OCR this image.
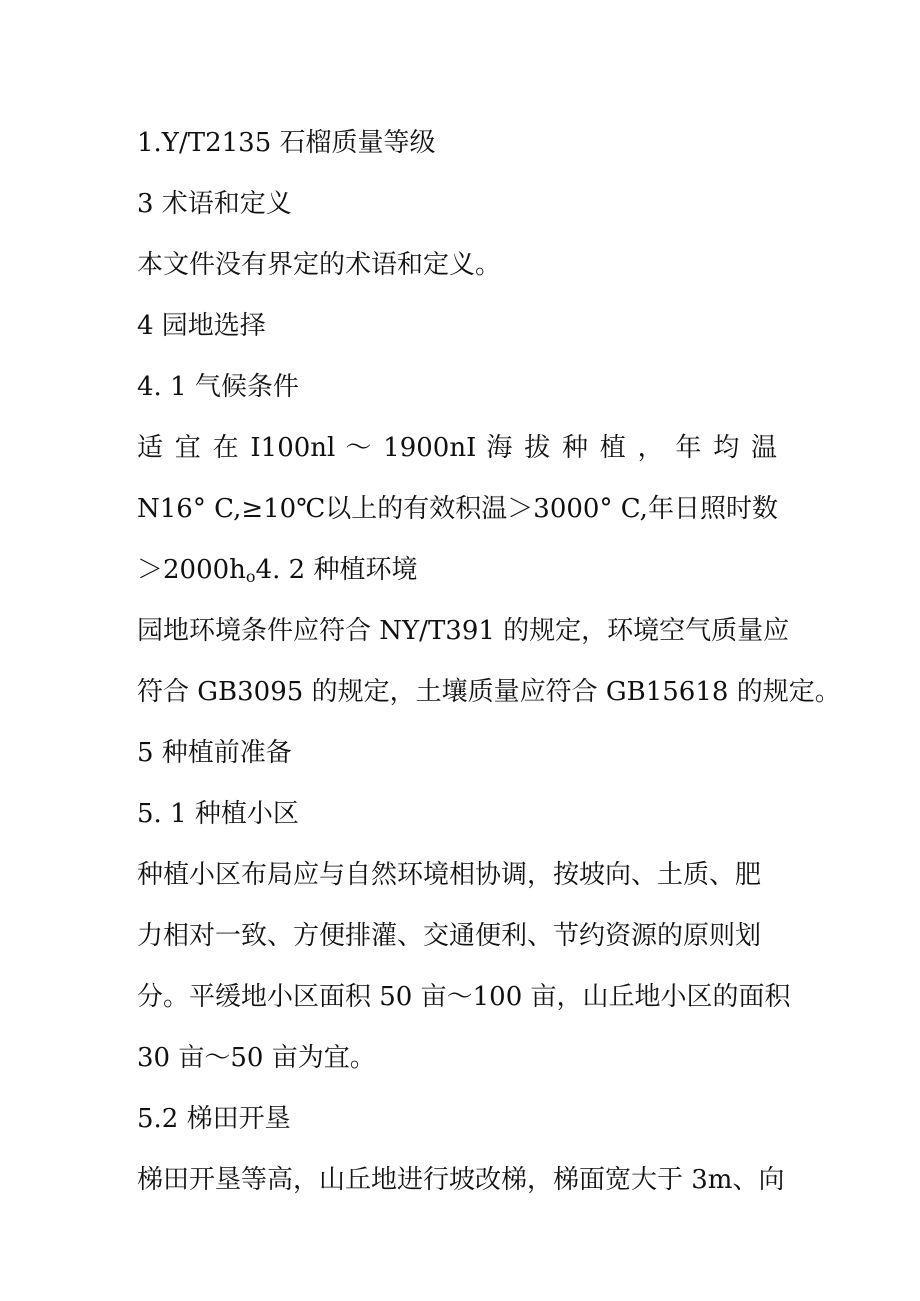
1.Y/T2135 石榴质量等级

3 术语和定义

本文件没有界定的术语和定义。

4 园地选择

4. 1 气候条件

适 宜 在 I100nl ～ 1900nI 海 拔 种 植 ， 年 均 温

N16° C,≥10℃以上的有效积温＞3000° C,年日照时数

$>2000h_o4$. 2 种植环境

园地环境条件应符合 NY/T391 的规定，环境空气质量应

符合 GB3095 的规定，土壤质量应符合 GB15618 的规定。

5 种植前准备

5. 1 种植小区

种植小区布局应与自然环境相协调，按坡向、土质、肥

力相对一致、方便排灌、交通便利、节约资源的原则划

分。平缓地小区面积 50 亩～100 亩，山丘地小区的面积

30 亩～50 亩为宜。

5.2 梯田开垦

梯田开垦等高，山丘地进行坡改梯，梯面宽大于 3m、向
